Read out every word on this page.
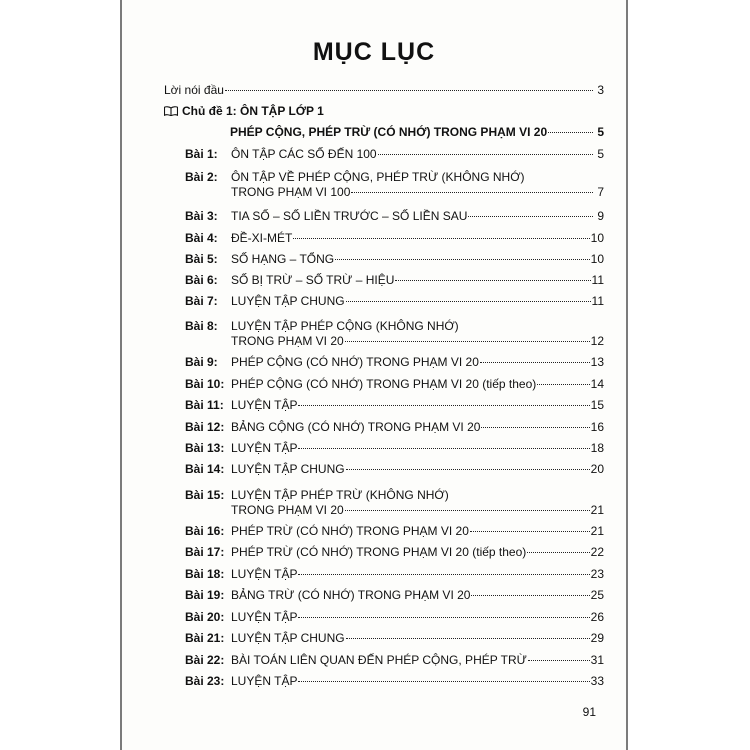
MỤC LỤC
Lời nói đầu	3
Chủ đề 1: ÔN TẬP LỚP 1
PHÉP CỘNG, PHÉP TRỪ (CÓ NHỚ) TRONG PHẠM VI 20	5
Bài 1:	ÔN TẬP CÁC SỐ ĐẾN 100	5
Bài 2:	ÔN TẬP VỀ PHÉP CỘNG, PHÉP TRỪ (KHÔNG NHỚ)
TRONG PHẠM VI 100	7
Bài 3:	TIA SỐ – SỐ LIỀN TRƯỚC – SỐ LIỀN SAU	9
Bài 4:	ĐỀ-XI-MÉT	10
Bài 5:	SỐ HẠNG – TỔNG	10
Bài 6:	SỐ BỊ TRỪ – SỐ TRỪ – HIỆU	11
Bài 7:	LUYỆN TẬP CHUNG	11
Bài 8:	LUYỆN TẬP PHÉP CỘNG (KHÔNG NHỚ)
TRONG PHẠM VI 20	12
Bài 9:	PHÉP CỘNG (CÓ NHỚ) TRONG PHẠM VI 20	13
Bài 10: PHÉP CỘNG (CÓ NHỚ) TRONG PHẠM VI 20 (tiếp theo)	14
Bài 11: LUYỆN TẬP	15
Bài 12: BẢNG CỘNG (CÓ NHỚ) TRONG PHẠM VI 20	16
Bài 13: LUYỆN TẬP	18
Bài 14: LUYỆN TẬP CHUNG	20
Bài 15: LUYỆN TẬP PHÉP TRỪ (KHÔNG NHỚ)
TRONG PHẠM VI 20	21
Bài 16: PHÉP TRỪ (CÓ NHỚ) TRONG PHẠM VI 20	21
Bài 17: PHÉP TRỪ (CÓ NHỚ) TRONG PHẠM VI 20 (tiếp theo)	22
Bài 18: LUYỆN TẬP	23
Bài 19: BẢNG TRỪ (CÓ NHỚ) TRONG PHẠM VI 20	25
Bài 20: LUYỆN TẬP	26
Bài 21: LUYỆN TẬP CHUNG	29
Bài 22: BÀI TOÁN LIÊN QUAN ĐẾN PHÉP CỘNG, PHÉP TRỪ	31
Bài 23: LUYỆN TẬP	33
91
